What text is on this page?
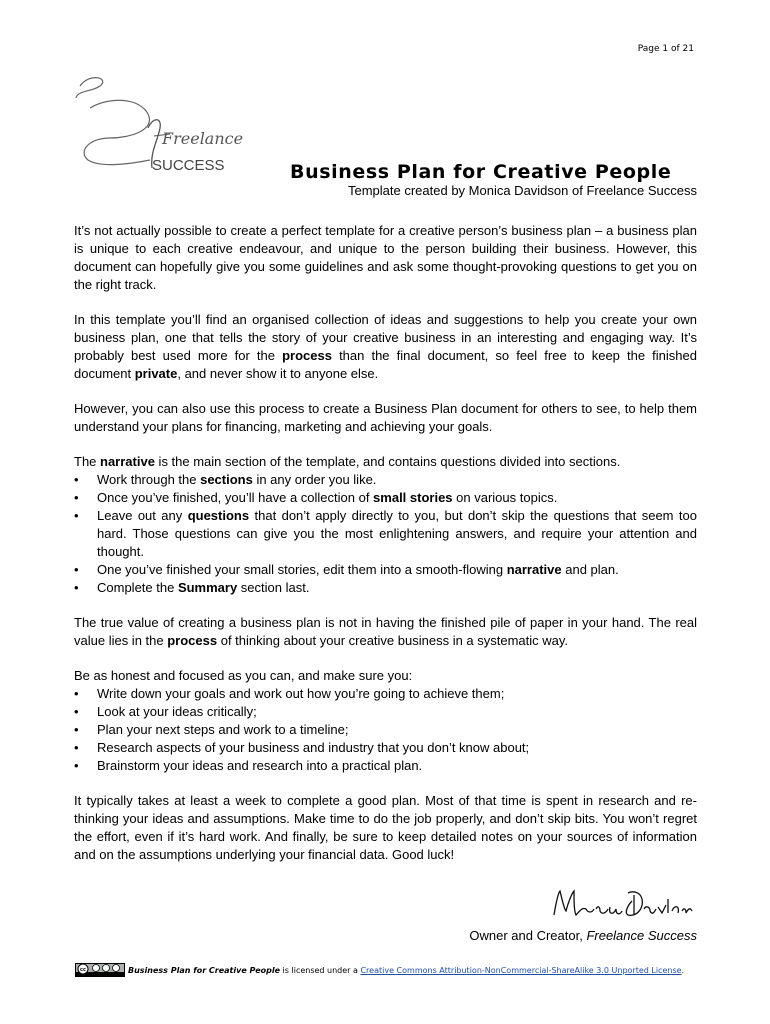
Page 1 of 21
Freelance
SUCCESS	Business Plan for Creative People
Template created by Monica Davidson of Freelance Success

It’s not actually possible to create a perfect template for a creative person’s business plan – a business plan is unique to each creative endeavour, and unique to the person building their business. However, this document can hopefully give you some guidelines and ask some thought-provoking questions to get you on the right track.

In this template you’ll find an organised collection of ideas and suggestions to help you create your own business plan, one that tells the story of your creative business in an interesting and engaging way. It’s probably best used more for the process than the final document, so feel free to keep the finished document private, and never show it to anyone else.

However, you can also use this process to create a Business Plan document for others to see, to help them understand your plans for financing, marketing and achieving your goals.

The narrative is the main section of the template, and contains questions divided into sections.

• Work through the sections in any order you like.
• Once you’ve finished, you’ll have a collection of small stories on various topics.
• Leave out any questions that don’t apply directly to you, but don’t skip the questions that seem too hard. Those questions can give you the most enlightening answers, and require your attention and thought.
• One you’ve finished your small stories, edit them into a smooth-flowing narrative and plan.
• Complete the Summary section last.

The true value of creating a business plan is not in having the finished pile of paper in your hand. The real value lies in the process of thinking about your creative business in a systematic way.

Be as honest and focused as you can, and make sure you:

• Write down your goals and work out how you’re going to achieve them;
• Look at your ideas critically;
• Plan your next steps and work to a timeline;
• Research aspects of your business and industry that you don’t know about;
• Brainstorm your ideas and research into a practical plan.

It typically takes at least a week to complete a good plan. Most of that time is spent in research and re-thinking your ideas and assumptions. Make time to do the job properly, and don’t skip bits. You won’t regret the effort, even if it’s hard work. And finally, be sure to keep detailed notes on your sources of information and on the assumptions underlying your financial data. Good luck!

Owner and Creator, Freelance Success
cc	Business Plan for Creative People is licensed under a Creative Commons Attribution-NonCommercial-ShareAlike 3.0 Unported License .
